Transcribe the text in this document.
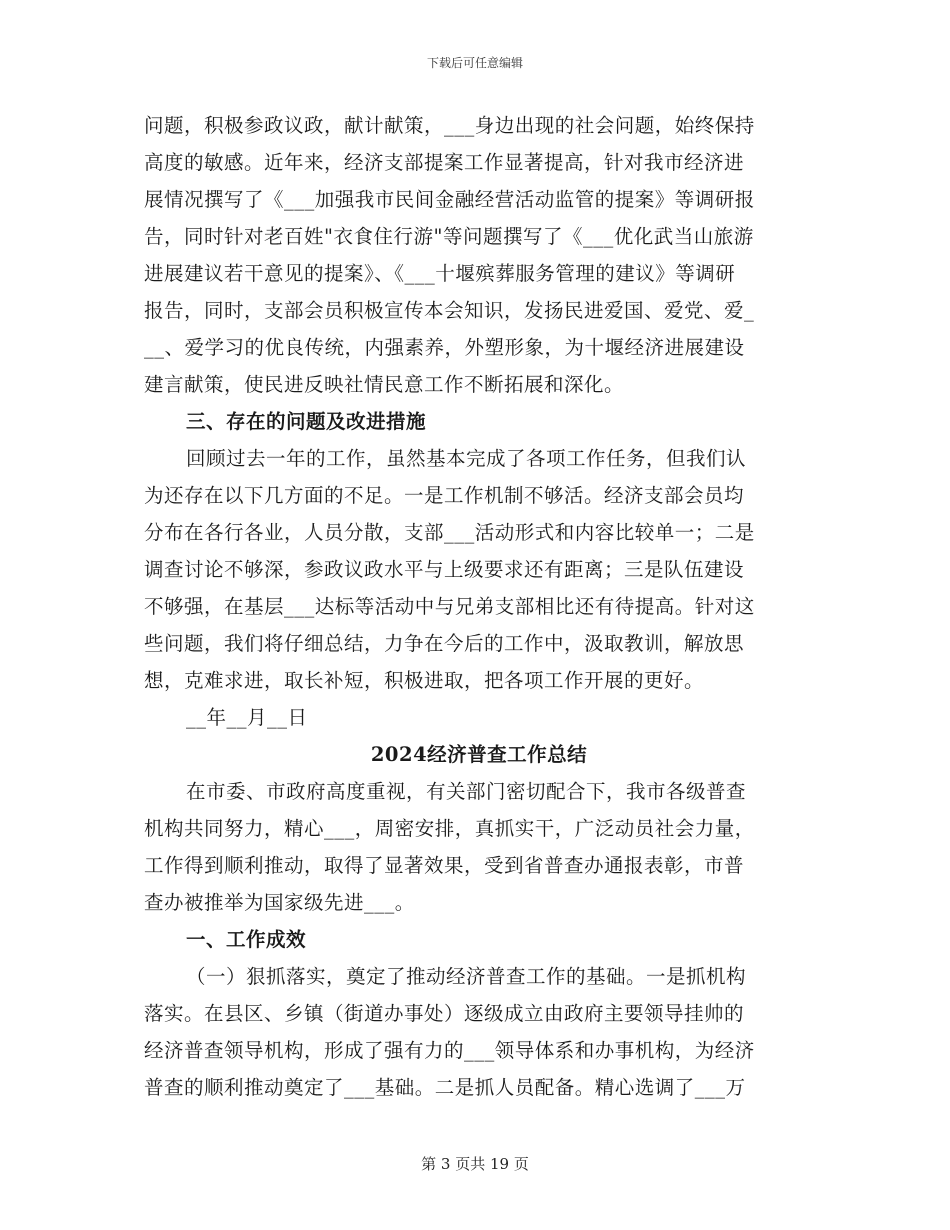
下载后可任意编辑

问题，积极参政议政，献计献策，___身边出现的社会问题，始终保持

高度的敏感。近年来，经济支部提案工作显著提高，针对我市经济进

展情况撰写了《___加强我市民间金融经营活动监管的提案》等调研报

告，同时针对老百姓"衣食住行游"等问题撰写了《___优化武当山旅游

进展建议若干意见的提案》、《___十堰殡葬服务管理的建议》等调研

报告，同时，支部会员积极宣传本会知识，发扬民进爱国、爱党、爱_

__、爱学习的优良传统，内强素养，外塑形象，为十堰经济进展建设

建言献策，使民进反映社情民意工作不断拓展和深化。

三、存在的问题及改进措施

回顾过去一年的工作，虽然基本完成了各项工作任务，但我们认

为还存在以下几方面的不足。一是工作机制不够活。经济支部会员均

分布在各行各业，人员分散，支部___活动形式和内容比较单一；二是

调查讨论不够深，参政议政水平与上级要求还有距离；三是队伍建设

不够强，在基层___达标等活动中与兄弟支部相比还有待提高。针对这

些问题，我们将仔细总结，力争在今后的工作中，汲取教训，解放思

想，克难求进，取长补短，积极进取，把各项工作开展的更好。

__年__月__日

2024经济普查工作总结

在市委、市政府高度重视，有关部门密切配合下，我市各级普查

机构共同努力，精心___，周密安排，真抓实干，广泛动员社会力量，

工作得到顺利推动，取得了显著效果，受到省普查办通报表彰，市普

查办被推举为国家级先进___。

一、工作成效

（一）狠抓落实，奠定了推动经济普查工作的基础。一是抓机构

落实。在县区、乡镇（街道办事处）逐级成立由政府主要领导挂帅的

经济普查领导机构，形成了强有力的___领导体系和办事机构，为经济

普查的顺利推动奠定了___基础。二是抓人员配备。精心选调了___万

第 3 页共 19 页
